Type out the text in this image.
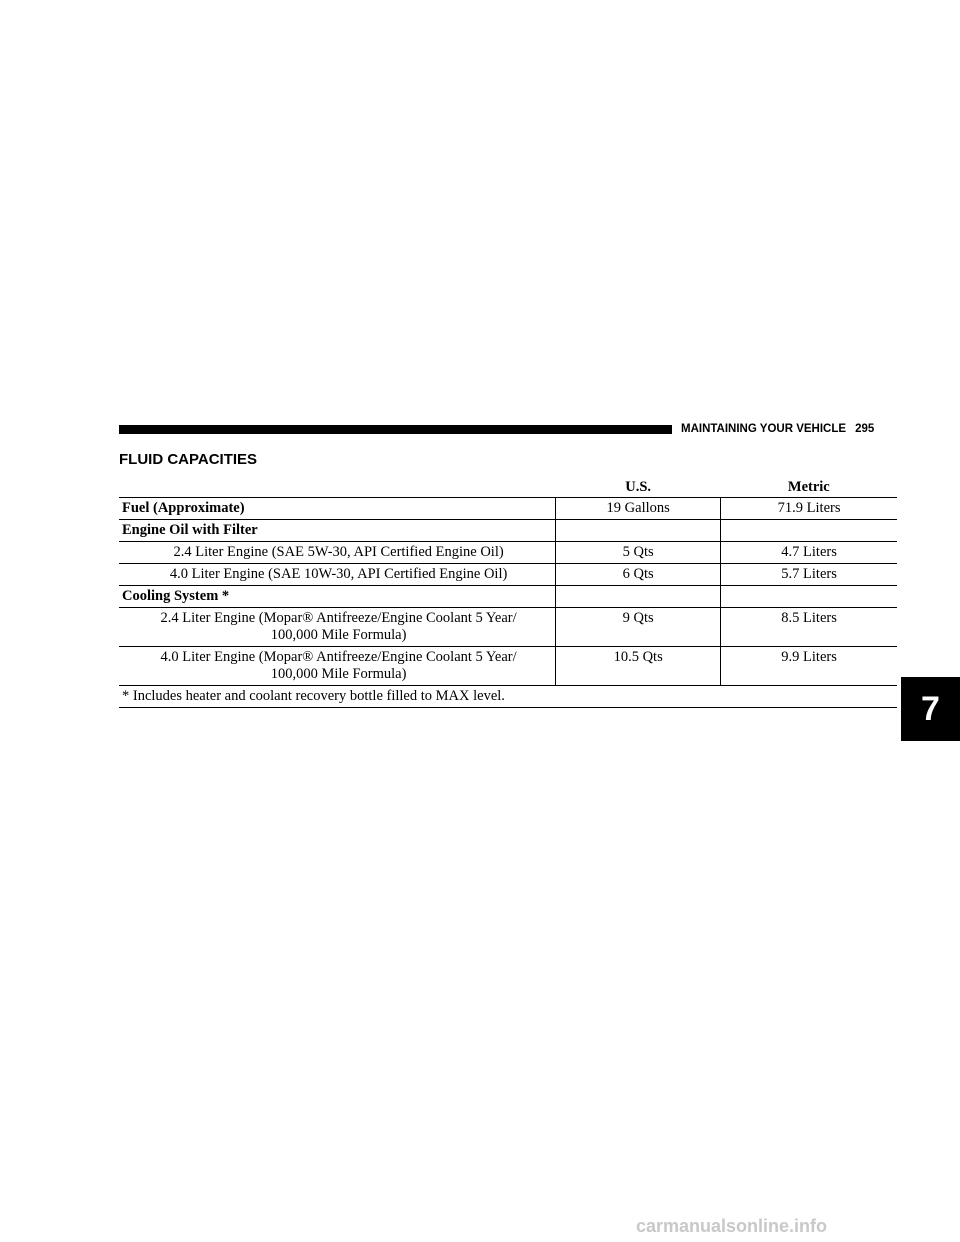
MAINTAINING YOUR VEHICLE 295
FLUID CAPACITIES
	U.S.	Metric
Fuel (Approximate)	19 Gallons	71.9 Liters
Engine Oil with Filter		
2.4 Liter Engine (SAE 5W-30, API Certified Engine Oil)	5 Qts	4.7 Liters
4.0 Liter Engine (SAE 10W-30, API Certified Engine Oil)	6 Qts	5.7 Liters
Cooling System *		
2.4 Liter Engine (Mopar® Antifreeze/Engine Coolant 5 Year/
100,000 Mile Formula)	9 Qts	8.5 Liters
4.0 Liter Engine (Mopar® Antifreeze/Engine Coolant 5 Year/
100,000 Mile Formula)	10.5 Qts	9.9 Liters
* Includes heater and coolant recovery bottle filled to MAX level.			7
carmanualsonline.info
